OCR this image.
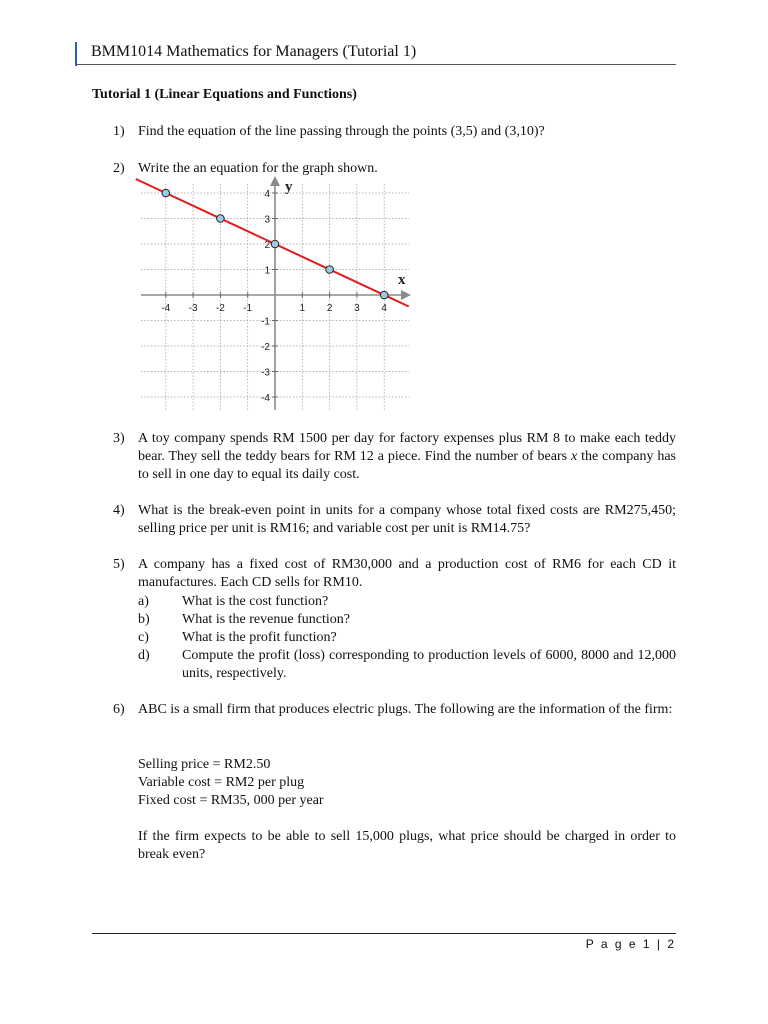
BMM1014 Mathematics for Managers (Tutorial 1)
Tutorial 1 (Linear Equations and Functions)
1) Find the equation of the line passing through the points (3,5) and (3,10)?
2) Write the an equation for the graph shown.
-4 -3 -2 -1	1 2 3 4
4
3
2
1
-1
-2
-3
-4
y
x
3) A toy company spends RM 1500 per day for factory expenses plus RM 8 to make each teddy bear. They sell the teddy bears for RM 12 a piece. Find the number of bears x the company has to sell in one day to equal its daily cost.
4) What is the break-even point in units for a company whose total fixed costs are RM275,450; selling price per unit is RM16; and variable cost per unit is RM14.75?
5) A company has a fixed cost of RM30,000 and a production cost of RM6 for each CD it manufactures. Each CD sells for RM10.
a)	What is the cost function?
b)	What is the revenue function?
c)	What is the profit function?
d)	Compute the profit (loss) corresponding to production levels of 6000, 8000 and 12,000 units, respectively.
6) ABC is a small firm that produces electric plugs. The following are the information of the firm:
Selling price = RM2.50
Variable cost = RM2 per plug
Fixed cost = RM35, 000 per year
If the firm expects to be able to sell 15,000 plugs, what price should be charged in order to break even?
P a g e 1 | 2
